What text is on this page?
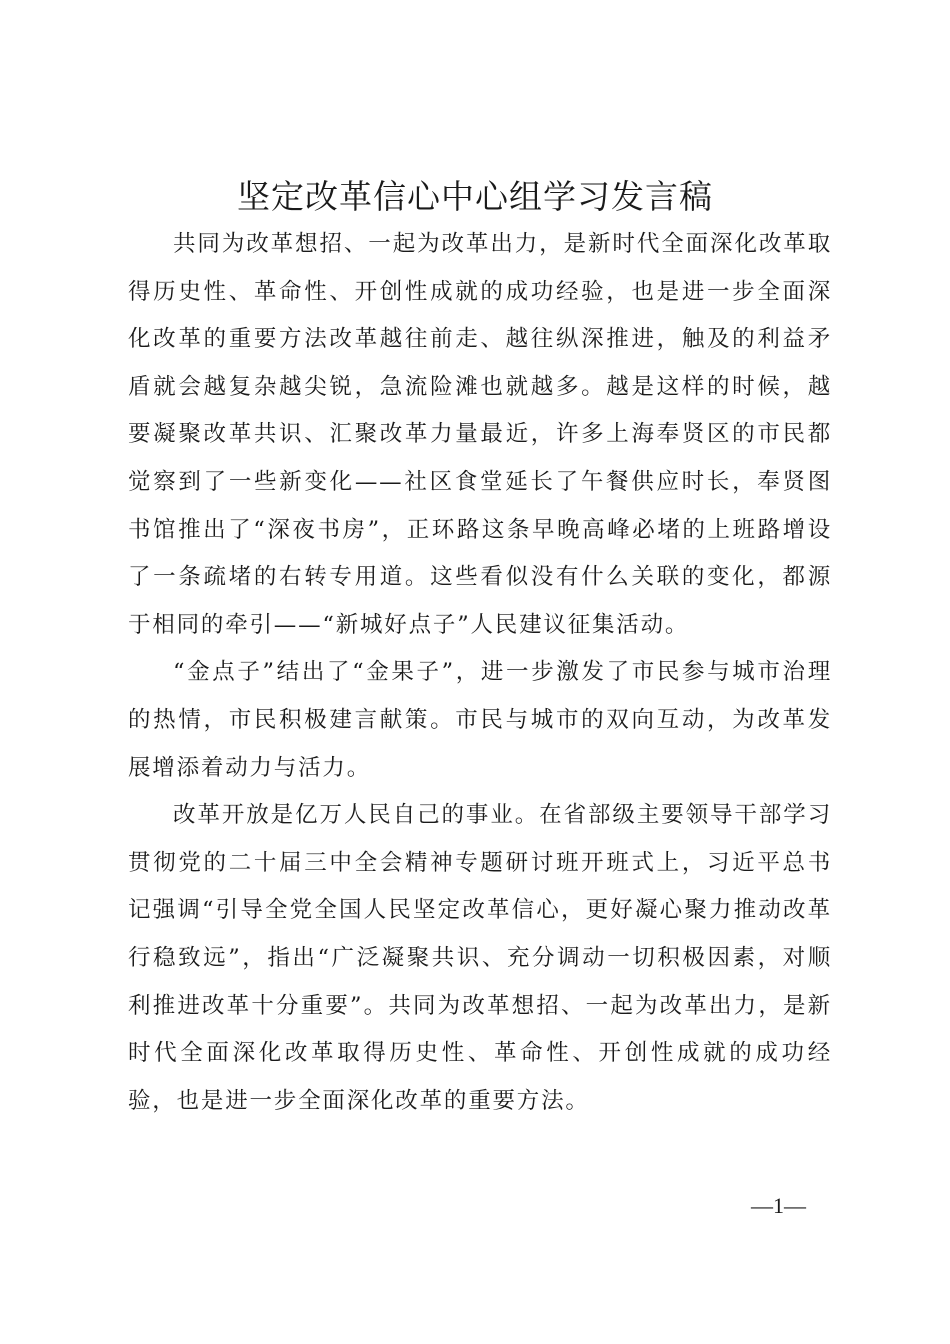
坚定改革信心中心组学习发言稿

共同为改革想招、一起为改革出力，是新时代全面深化改革取得历史性、革命性、开创性成就的成功经验，也是进一步全面深化改革的重要方法改革越往前走、越往纵深推进，触及的利益矛盾就会越复杂越尖锐，急流险滩也就越多。越是这样的时候，越要凝聚改革共识、汇聚改革力量最近，许多上海奉贤区的市民都觉察到了一些新变化——社区食堂延长了午餐供应时长，奉贤图书馆推出了“深夜书房”，正环路这条早晚高峰必堵的上班路增设了一条疏堵的右转专用道。这些看似没有什么关联的变化，都源于相同的牵引——“新城好点子”人民建议征集活动。

“金点子”结出了“金果子”，进一步激发了市民参与城市治理的热情，市民积极建言献策。市民与城市的双向互动，为改革发展增添着动力与活力。

改革开放是亿万人民自己的事业。在省部级主要领导干部学习贯彻党的二十届三中全会精神专题研讨班开班式上，习近平总书记强调“引导全党全国人民坚定改革信心，更好凝心聚力推动改革行稳致远”，指出“广泛凝聚共识、充分调动一切积极因素，对顺利推进改革十分重要”。共同为改革想招、一起为改革出力，是新时代全面深化改革取得历史性、革命性、开创性成就的成功经验，也是进一步全面深化改革的重要方法。

—1—
